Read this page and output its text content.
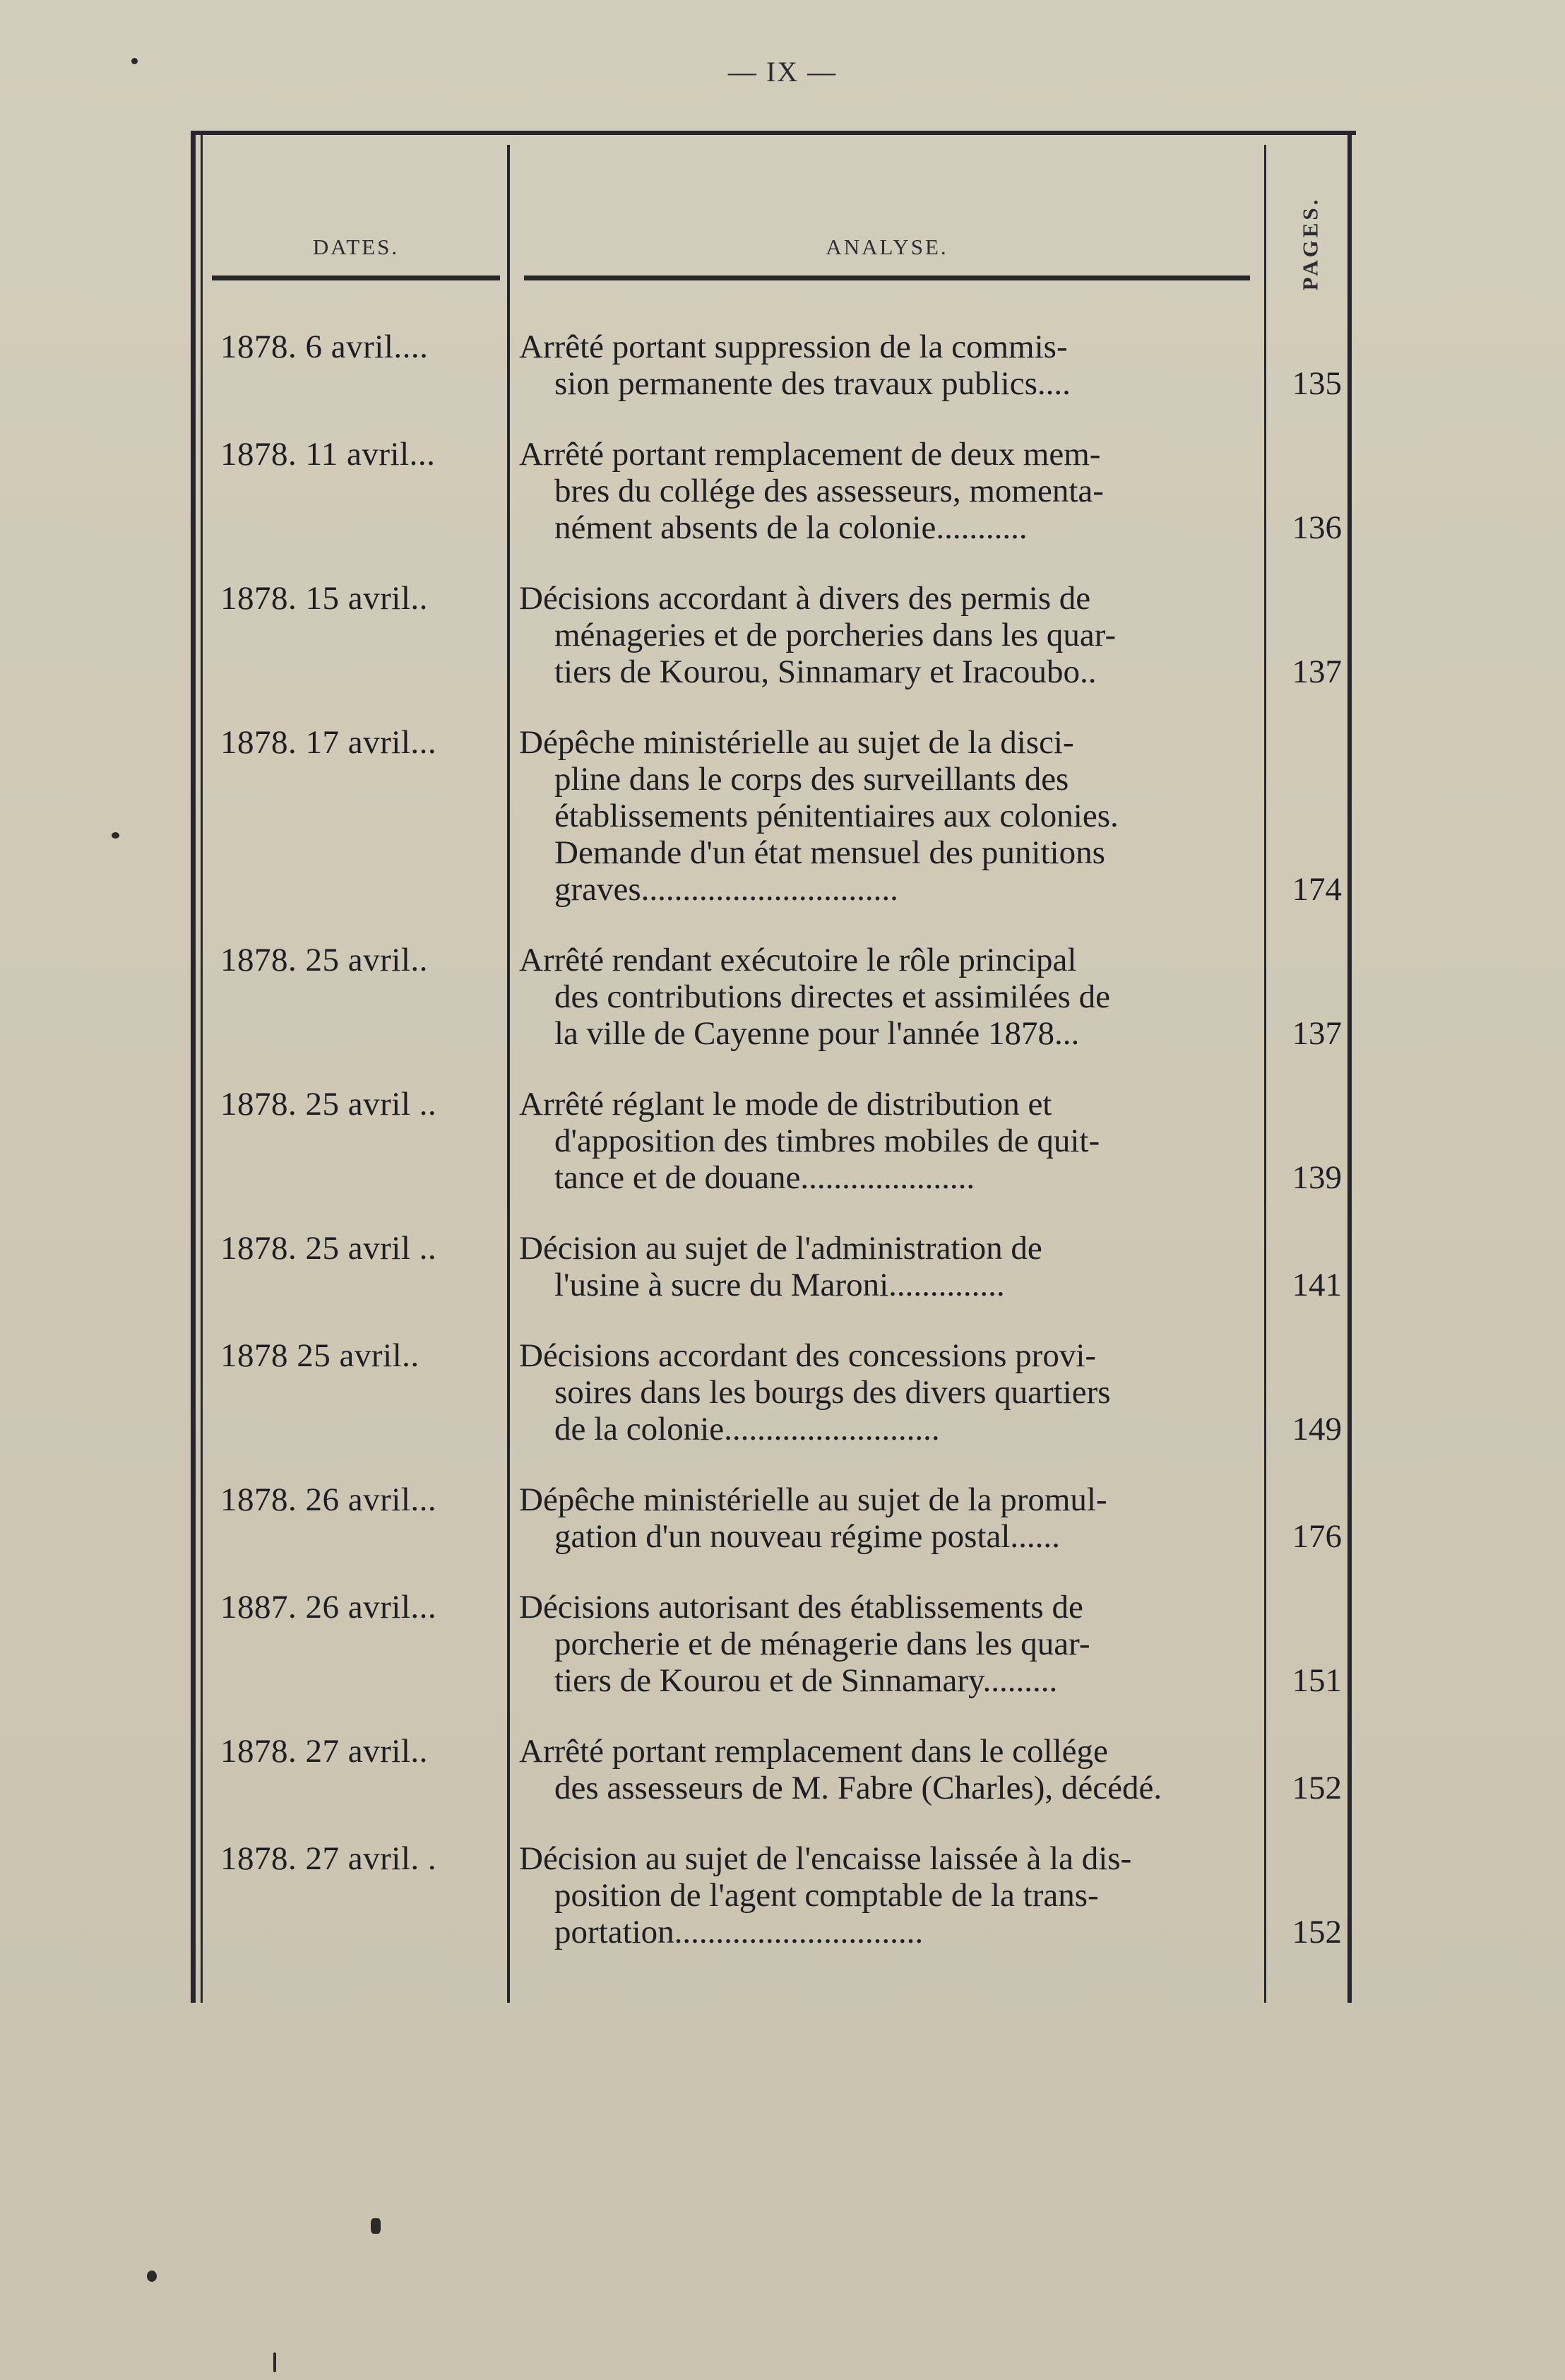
— IX —
DATES.	ANALYSE.	PAGES.
1878. 6 avril....	Arrêté portant suppression de la commis-
sion permanente des travaux publics....	135
1878. 11 avril...	Arrêté portant remplacement de deux mem-
bres du collége des assesseurs, momenta-
nément absents de la colonie...........	136
1878. 15 avril..	Décisions accordant à divers des permis de
ménageries et de porcheries dans les quar-
tiers de Kourou, Sinnamary et Iracoubo..	137
1878. 17 avril...	Dépêche ministérielle au sujet de la disci-
pline dans le corps des surveillants des
établissements pénitentiaires aux colonies.
Demande d'un état mensuel des punitions
graves...............................	174
1878. 25 avril..	Arrêté rendant exécutoire le rôle principal
des contributions directes et assimilées de
la ville de Cayenne pour l'année 1878...	137
1878. 25 avril ..	Arrêté réglant le mode de distribution et
d'apposition des timbres mobiles de quit-
tance et de douane.....................	139
1878. 25 avril ..	Décision au sujet de l'administration de
l'usine à sucre du Maroni..............	141
1878 25 avril..	Décisions accordant des concessions provi-
soires dans les bourgs des divers quartiers
de la colonie..........................	149
1878. 26 avril...	Dépêche ministérielle au sujet de la promul-
gation d'un nouveau régime postal......	176
1887. 26 avril...	Décisions autorisant des établissements de
porcherie et de ménagerie dans les quar-
tiers de Kourou et de Sinnamary.........	151
1878. 27 avril..	Arrêté portant remplacement dans le collége
des assesseurs de M. Fabre (Charles), décédé.	152
1878. 27 avril. .	Décision au sujet de l'encaisse laissée à la dis-
position de l'agent comptable de la trans-
portation..............................	152
